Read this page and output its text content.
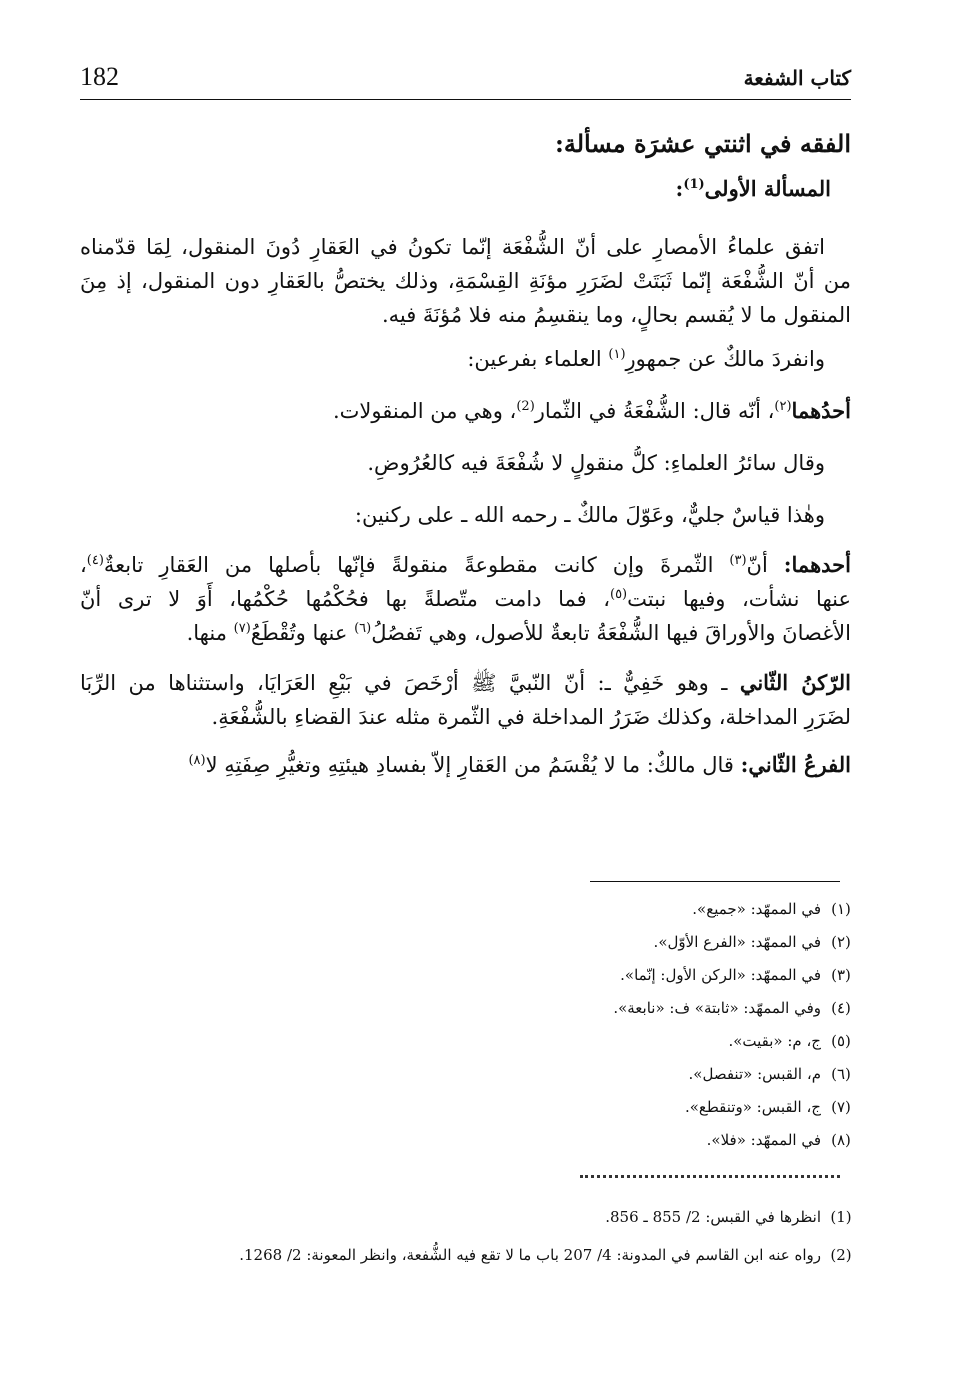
182	كتاب الشفعة
الفقه في اثنتي عشرَة مسألة:
المسألة الأولى$^{(1)}$:
اتفق علماءُ الأمصارِ على أنّ الشُّفْعَة إنّما تكونُ في العَقارِ دُونَ المنقول، لِمَا قدّمناه
من أنّ الشُّفْعَة إنّما ثَبَتَتْ لضَرَرِ مؤنَةِ القِسْمَةِ، وذلك يختصُّ بالعَقارِ دون المنقول، إذ مِنَ
المنقول ما لا يُقسم بحالٍ، وما ينقسِمُ منه فلا مُؤنَةَ فيه.
وانفردَ مالكٌ عن جمهورِ$^{(١)}$ العلماء بفرعين:
أحدُهما$^{(٢)}$، أنّه قال: الشُّفْعَةُ في الثّمار$^{(2)}$، وهي من المنقولات.
وقال سائرُ العلماءِ: كلُّ منقولٍ لا شُفْعَةَ فيه كالعُرُوضِ.
وهٰذا قياسٌ جليٌّ، وعَوّلَ مالكٌ ـ رحمه الله ـ على ركنين:
أحدهما: أنّ$^{(٣)}$ الثّمرةَ وإن كانت مقطوعةً منقولةً فإنّها بأصلها من العَقارِ تابعةٌ$^{(٤)}$،
عنها نشأت، وفيها نبتت$^{(٥)}$، فما دامت متّصلةً بها فحُكْمُها حُكْمُها، أَوَ لا ترى أنّ
الأغصانَ والأوراقَ فيها الشُّفْعَةُ تابعةٌ للأصول، وهي تَفصُلُ$^{(٦)}$ عنها وتُقْطَعُ$^{(٧)}$ منها.
الرّكنُ الثّاني ـ وهو خَفِيٌّ ـ: أنّ النّبيَّ ﷺ أرْخَصَ في بَيْعِ العَرَايَا، واستثناها من الرِّبَا
لضَرَرِ المداخلة، وكذلك ضَرَرُ المداخلة في الثّمرة مثله عندَ القضاءِ بالشُّفْعَةِ.
الفرعُ الثّاني: قال مالكٌ: ما لا يُقْسَمُ من العَقارِ إلاّ بفسادِ هيئتِهِ وتغيُّرِ صِفَتِهِ لا$^{(٨)}$
(١)في الممهّد: «جميع».
(٢)في الممهّد: «الفرع الأوّل».
(٣)في الممهّد: «الركن الأول: إنّما».
(٤)وفي الممهّد: «ثابتة» ف: «نابعة».
(٥)ج، م: «بقيت».
(٦)م، القبس: «تنفصل».
(٧)ج، القبس: «وتنقطع».
(٨)في الممهّد: «فلا».
(1)انظرها في القبس: 2/ 855 ـ 856.
(2)رواه عنه ابن القاسم في المدونة: 4/ 207 باب ما لا تقع فيه الشُّفعة، وانظر المعونة: 2/ 1268.
